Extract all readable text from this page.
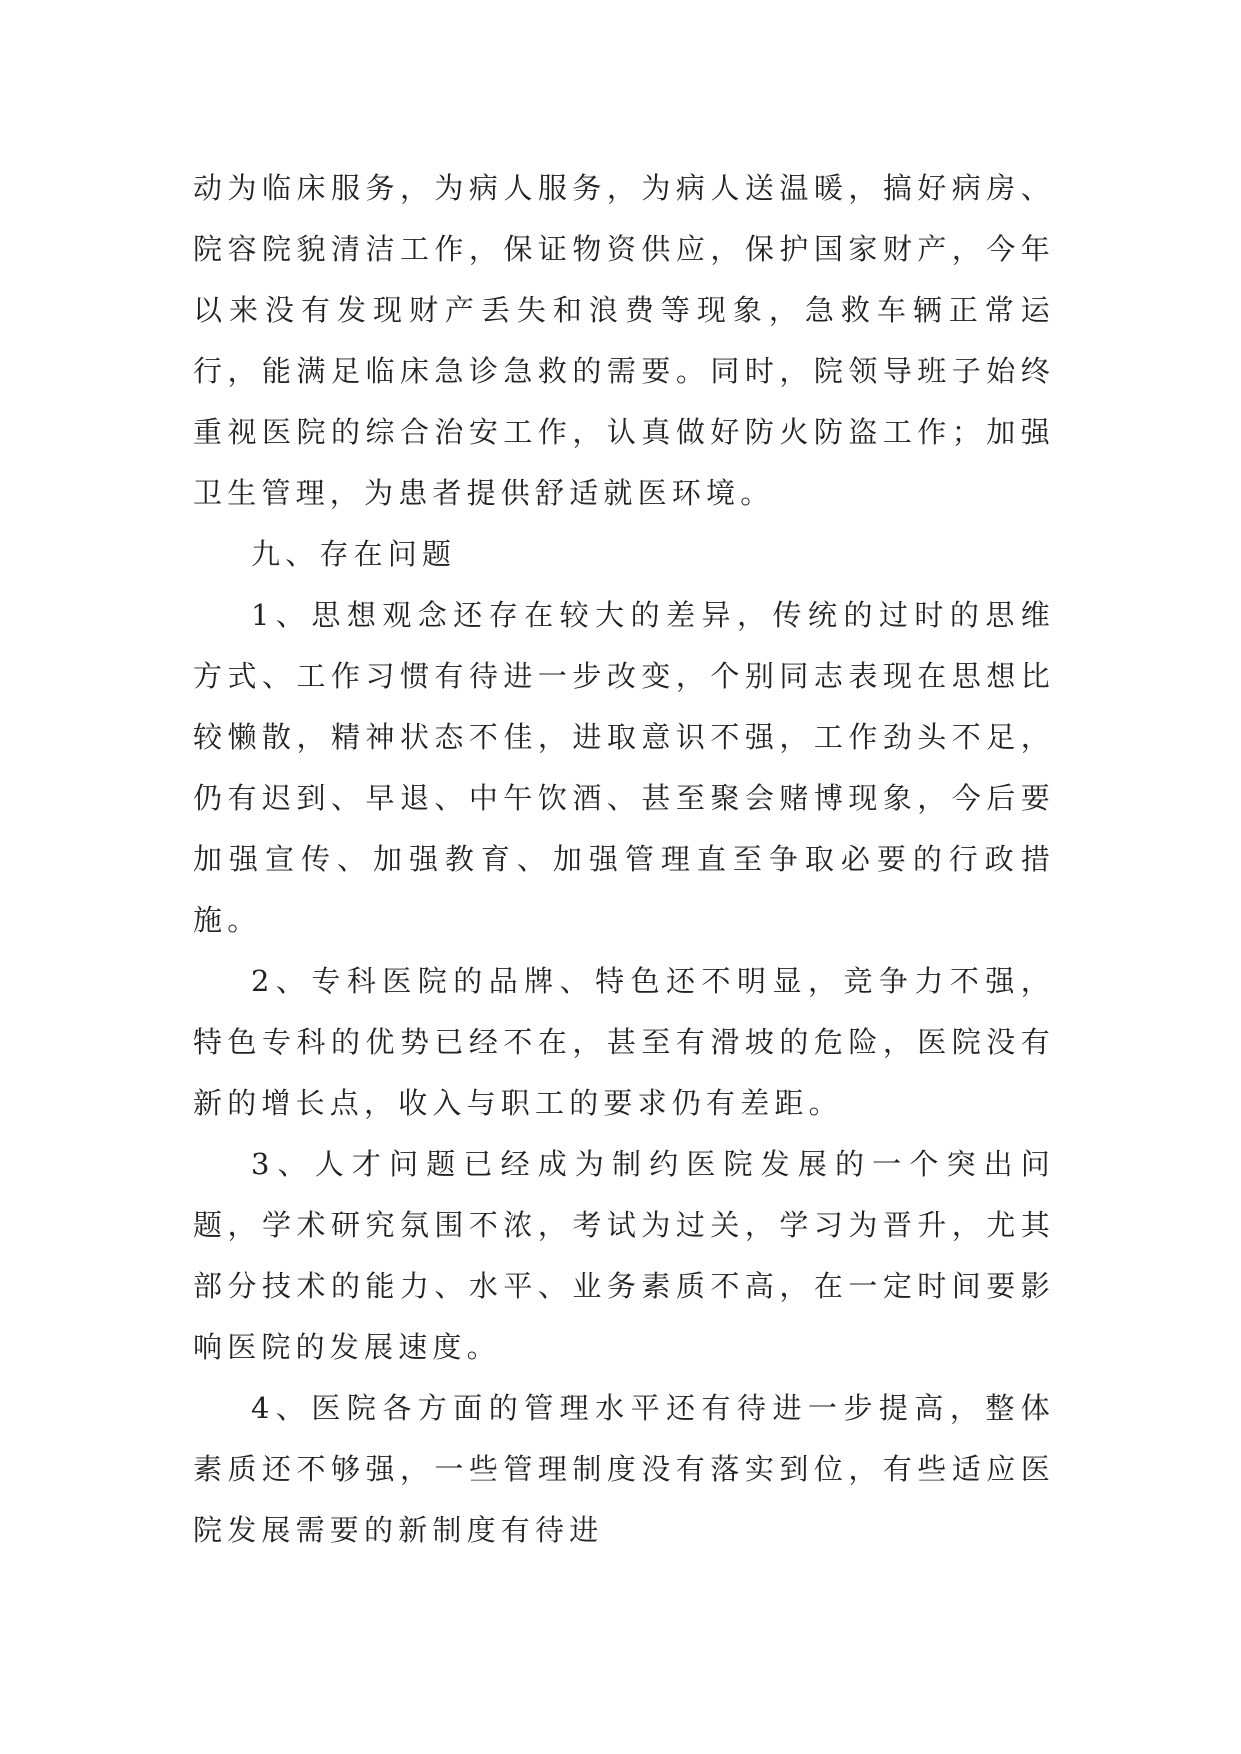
动为临床服务，为病人服务，为病人送温暖，搞好病房、院容院貌清洁工作，保证物资供应，保护国家财产，今年以来没有发现财产丢失和浪费等现象，急救车辆正常运行，能满足临床急诊急救的需要。同时，院领导班子始终重视医院的综合治安工作，认真做好防火防盗工作；加强卫生管理，为患者提供舒适就医环境。

九、存在问题

1、思想观念还存在较大的差异，传统的过时的思维方式、工作习惯有待进一步改变，个别同志表现在思想比较懒散，精神状态不佳，进取意识不强，工作劲头不足，仍有迟到、早退、中午饮酒、甚至聚会赌博现象，今后要加强宣传、加强教育、加强管理直至争取必要的行政措施。

2、专科医院的品牌、特色还不明显，竞争力不强，特色专科的优势已经不在，甚至有滑坡的危险，医院没有新的增长点，收入与职工的要求仍有差距。

3、人才问题已经成为制约医院发展的一个突出问题，学术研究氛围不浓，考试为过关，学习为晋升，尤其部分技术的能力、水平、业务素质不高，在一定时间要影响医院的发展速度。

4、医院各方面的管理水平还有待进一步提高，整体素质还不够强，一些管理制度没有落实到位，有些适应医院发展需要的新制度有待进
